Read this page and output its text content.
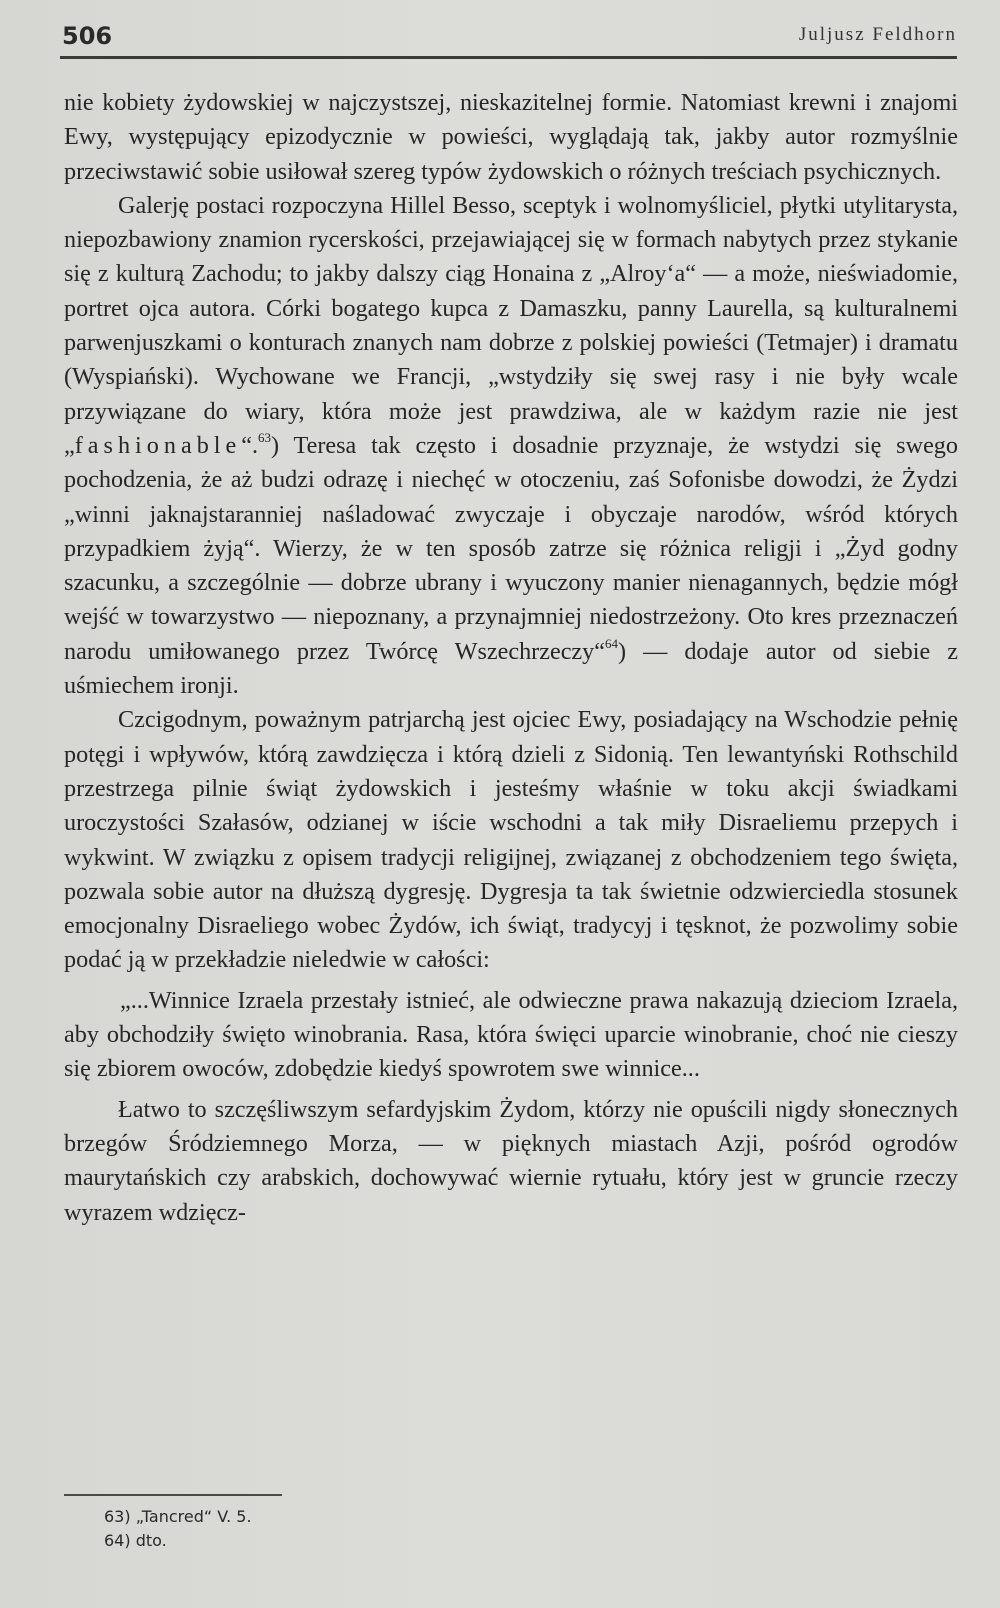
506	Juljusz Feldhorn

nie kobiety żydowskiej w najczystszej, nieskazitelnej formie. Natomiast krewni i znajomi Ewy, występujący epizodycznie w powieści, wyglądają tak, jakby autor rozmyślnie przeciwstawić sobie usiłował szereg typów żydowskich o różnych treściach psychicznych.

Galerję postaci rozpoczyna Hillel Besso, sceptyk i wolnomyśliciel, płytki utylitarysta, niepozbawiony znamion rycerskości, przejawiającej się w formach nabytych przez stykanie się z kulturą Zachodu; to jakby dalszy ciąg Honaina z „Alroy‘a“ — a może, nieświadomie, portret ojca autora. Córki bogatego kupca z Damaszku, panny Laurella, są kulturalnemi parwenjuszkami o konturach znanych nam dobrze z polskiej powieści (Tetmajer) i dramatu (Wyspiański). Wychowane we Francji, „wstydziły się swej rasy i nie były wcale przywiązane do wiary, która może jest prawdziwa, ale w każdym razie nie jest „fashionable“.$^{63}$) Teresa tak często i dosadnie przyznaje, że wstydzi się swego pochodzenia, że aż budzi odrazę i niechęć w otoczeniu, zaś Sofonisbe dowodzi, że Żydzi „winni jaknajstaranniej naśladować zwyczaje i obyczaje narodów, wśród których przypadkiem żyją“. Wierzy, że w ten sposób zatrze się różnica religji i „Żyd godny szacunku, a szczególnie — dobrze ubrany i wyuczony manier nienagannych, będzie mógł wejść w towarzystwo — niepoznany, a przynajmniej niedostrzeżony. Oto kres przeznaczeń narodu umiłowanego przez Twórcę Wszechrzeczy“$^{64}$) — dodaje autor od siebie z uśmiechem ironji.

Czcigodnym, poważnym patrjarchą jest ojciec Ewy, posiadający na Wschodzie pełnię potęgi i wpływów, którą zawdzięcza i którą dzieli z Sidonią. Ten lewantyński Rothschild przestrzega pilnie świąt żydowskich i jesteśmy właśnie w toku akcji świadkami uroczystości Szałasów, odzianej w iście wschodni a tak miły Disraeliemu przepych i wykwint. W związku z opisem tradycji religijnej, związanej z obchodzeniem tego święta, pozwala sobie autor na dłuższą dygresję. Dygresja ta tak świetnie odzwierciedla stosunek emocjonalny Disraeliego wobec Żydów, ich świąt, tradycyj i tęsknot, że pozwolimy sobie podać ją w przekładzie nieledwie w całości:

„...Winnice Izraela przestały istnieć, ale odwieczne prawa nakazują dzieciom Izraela, aby obchodziły święto winobrania. Rasa, która święci uparcie winobranie, choć nie cieszy się zbiorem owoców, zdobędzie kiedyś spowrotem swe winnice...

Łatwo to szczęśliwszym sefardyjskim Żydom, którzy nie opuścili nigdy słonecznych brzegów Śródziemnego Morza, — w pięknych miastach Azji, pośród ogrodów maurytańskich czy arabskich, dochowywać wiernie rytuału, który jest w gruncie rzeczy wyrazem wdzięcz-

63) „Tancred“ V. 5.
64) dto.
